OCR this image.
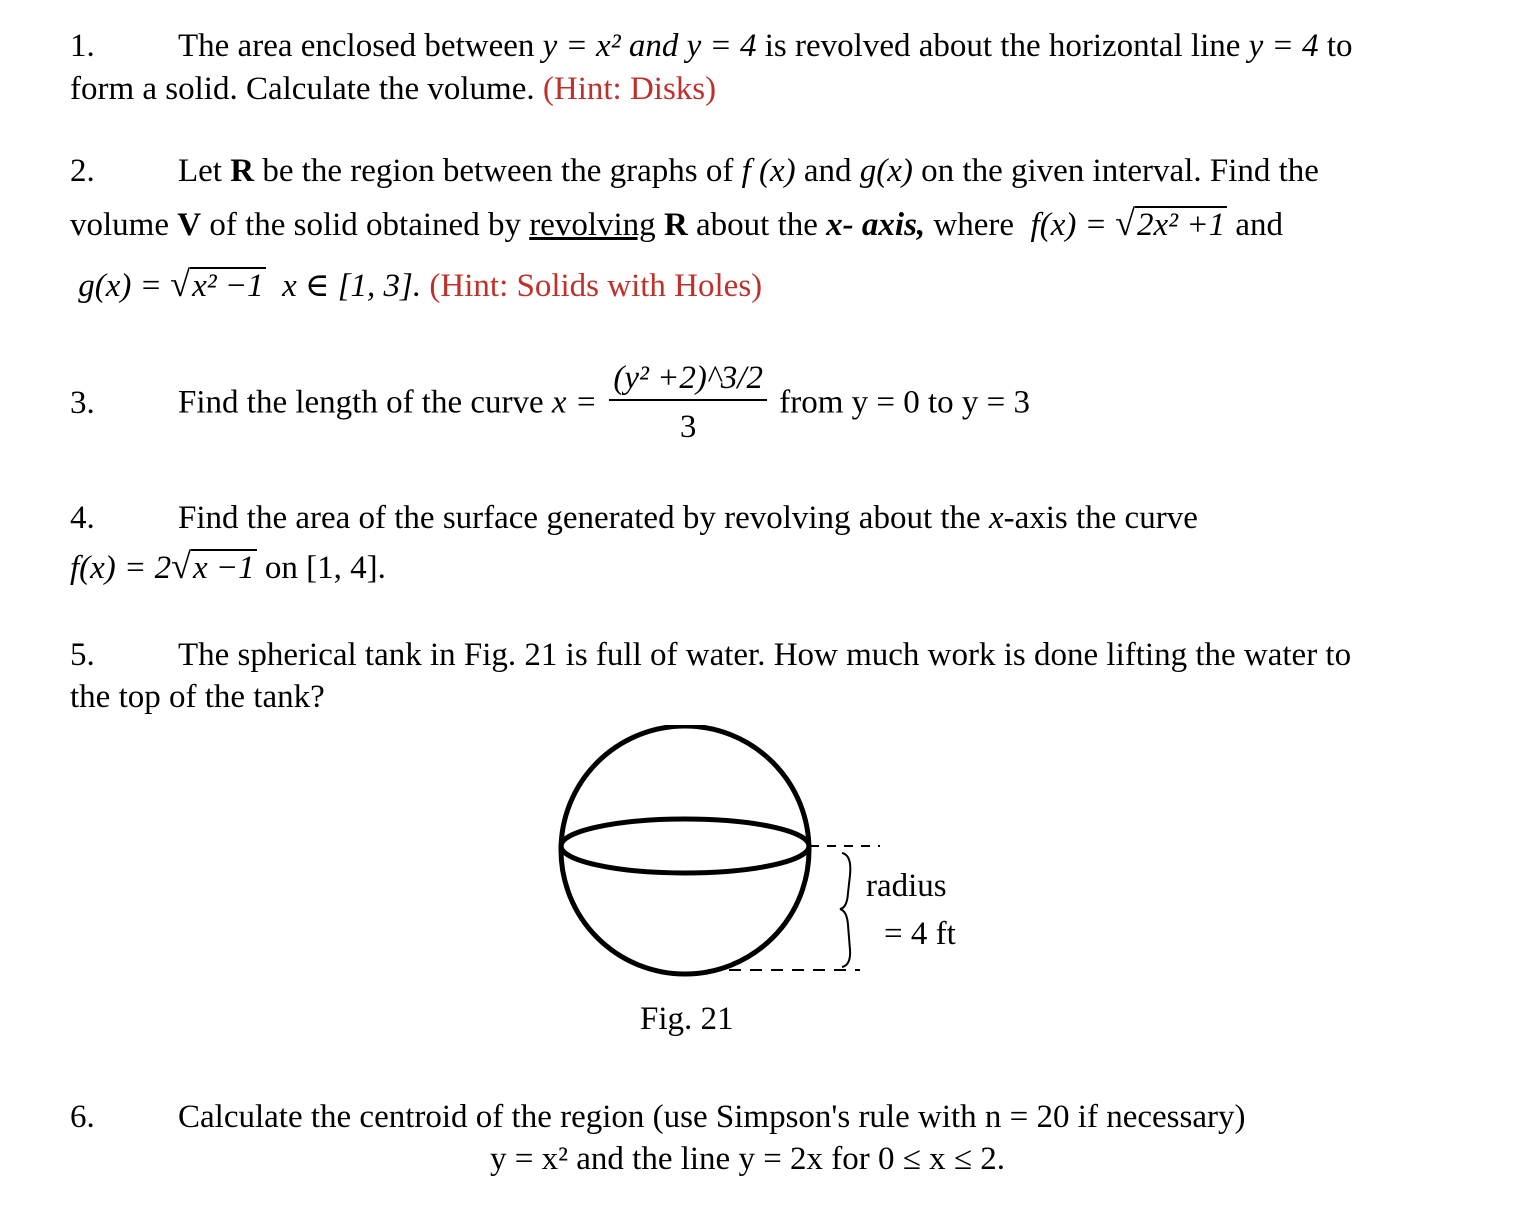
1.	The area enclosed between y = x² and y = 4 is revolved about the horizontal line y = 4 to
form a solid. Calculate the volume. (Hint: Disks)
2.	Let R be the region between the graphs of f (x) and g(x) on the given interval. Find the
volume V of the solid obtained by revolving R about the x- axis, where f(x) = √2x² +1 and
g(x) = √x² −1 x ∈ [1, 3]. (Hint: Solids with Holes)
3.	Find the length of the curve $x = \frac{\text{(y² +2)\textasciicircum{}3/2}}{3}$ from y = 0 to y = 3
4.	Find the area of the surface generated by revolving about the x-axis the curve
f(x) = 2√x −1 on [1, 4].
5.	The spherical tank in Fig. 21 is full of water. How much work is done lifting the water to
the top of the tank?
radius
= 4 ft
Fig. 21
6.	Calculate the centroid of the region (use Simpson's rule with n = 20 if necessary)
y = x² and the line y = 2x for 0 ≤ x ≤ 2.
